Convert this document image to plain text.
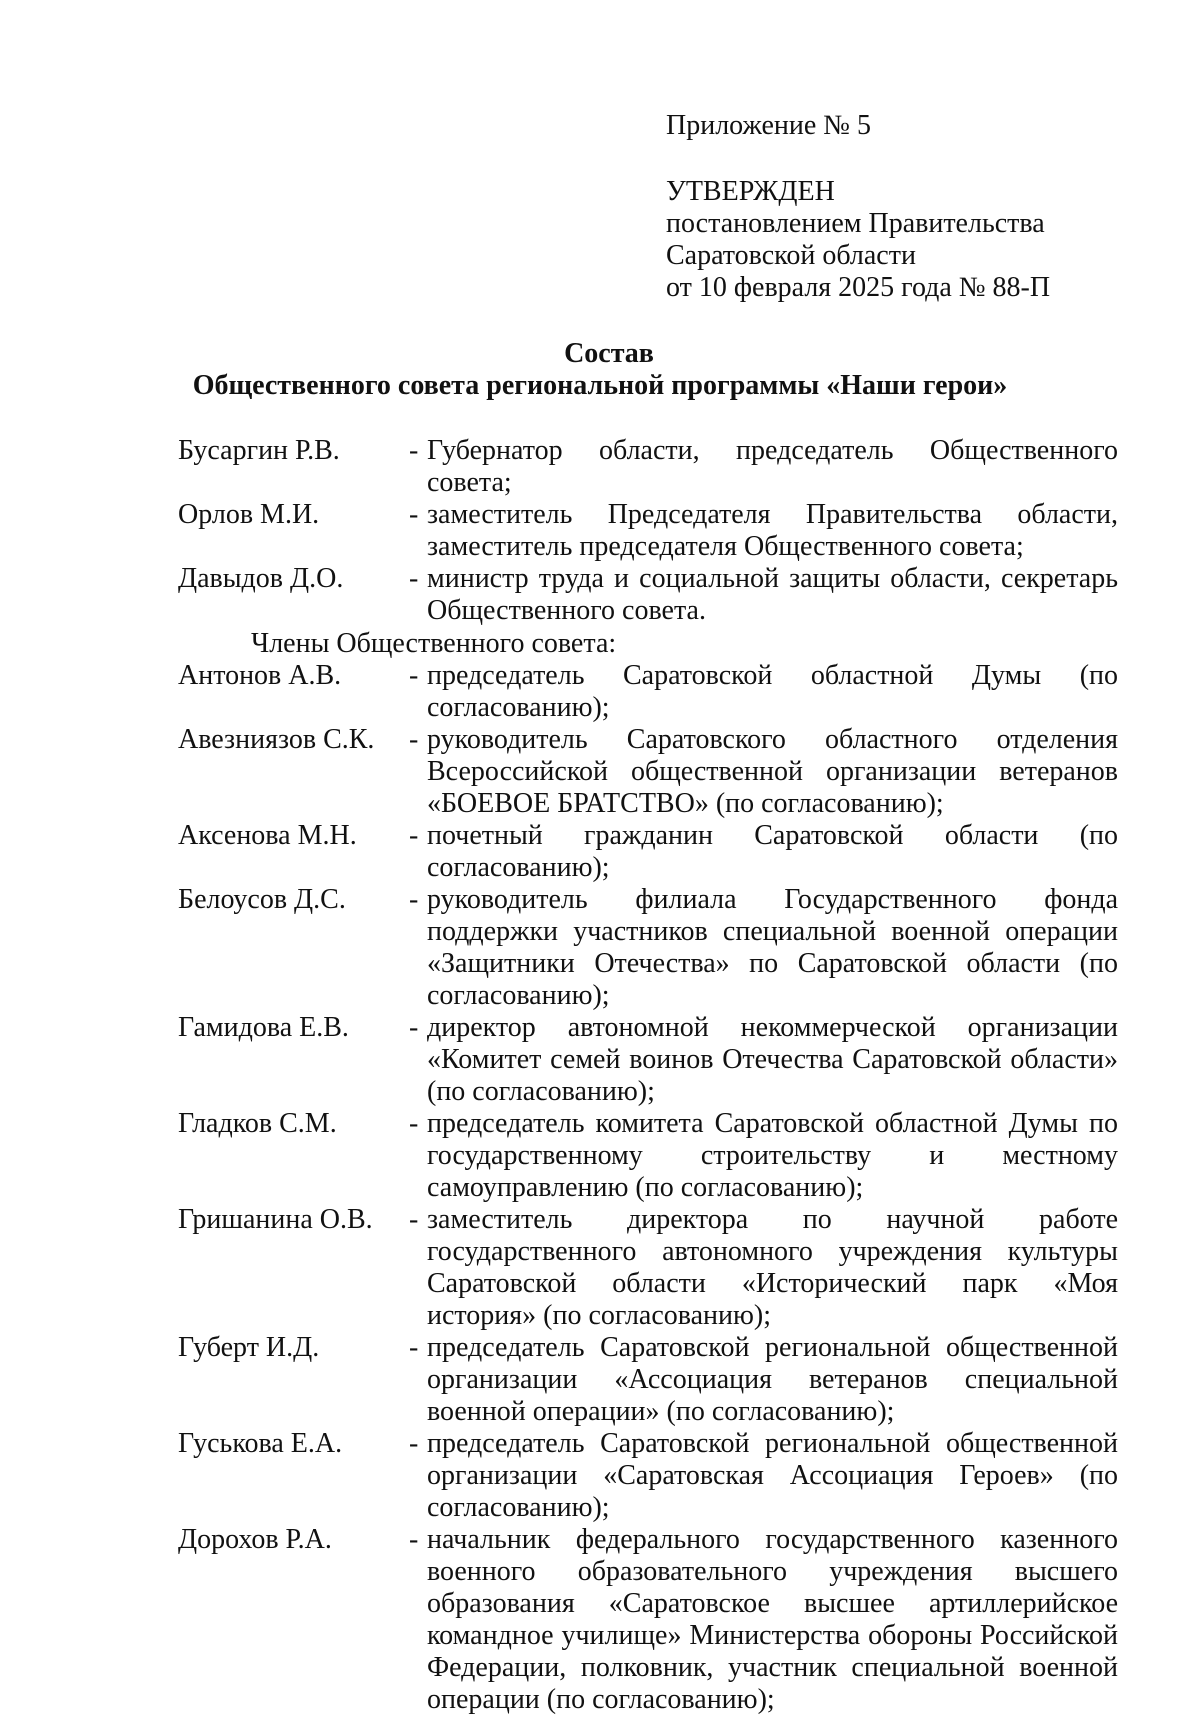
Приложение № 5
УТВЕРЖДЕН
постановлением Правительства
Саратовской области
от 10 февраля 2025 года № 88-П
Состав
Общественного совета региональной программы «Наши герои»
Бусаргин Р.В.	- Губернатор области, председатель Общественного совета;
Орлов М.И.	- заместитель Председателя Правительства области, заместитель председателя Общественного совета;
Давыдов Д.О.	- министр труда и социальной защиты области, секретарь Общественного совета.
Члены Общественного совета:
Антонов А.В.	- председатель Саратовской областной Думы (по согласованию);
Авезниязов С.К.	- руководитель Саратовского областного отделения Всероссийской общественной организации ветеранов «БОЕВОЕ БРАТСТВО» (по согласованию);
Аксенова М.Н.	- почетный гражданин Саратовской области (по согласованию);
Белоусов Д.С.	- руководитель филиала Государственного фонда поддержки участников специальной военной операции «Защитники Отечества» по Саратовской области (по согласованию);
Гамидова Е.В.	- директор автономной некоммерческой организации «Комитет семей воинов Отечества Саратовской области» (по согласованию);
Гладков С.М.	- председатель комитета Саратовской областной Думы по государственному строительству и местному самоуправлению (по согласованию);
Гришанина О.В.	- заместитель директора по научной работе государственного автономного учреждения культуры Саратовской области «Исторический парк «Моя история» (по согласованию);
Губерт И.Д.	- председатель Саратовской региональной общественной организации «Ассоциация ветеранов специальной военной операции» (по согласованию);
Гуськова Е.А.	- председатель Саратовской региональной общественной организации «Саратовская Ассоциация Героев» (по согласованию);
Дорохов Р.А.	- начальник федерального государственного казенного военного образовательного учреждения высшего образования «Саратовское высшее артиллерийское командное училище» Министерства обороны Российской Федерации, полковник, участник специальной военной операции (по согласованию);
